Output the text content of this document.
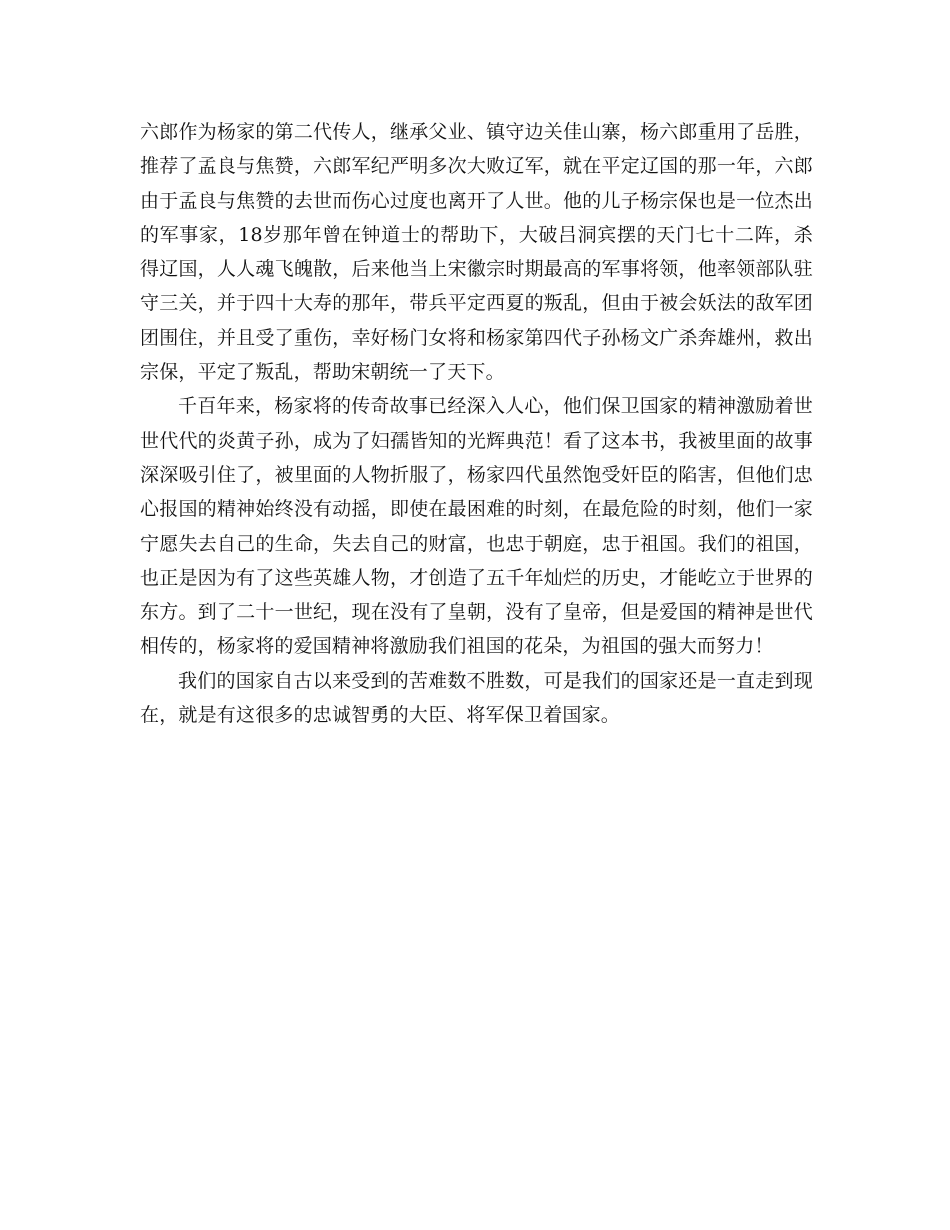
六郎作为杨家的第二代传人，继承父业、镇守边关佳山寨，杨六郎重用了岳胜，推荐了孟良与焦赞，六郎军纪严明多次大败辽军，就在平定辽国的那一年，六郎由于孟良与焦赞的去世而伤心过度也离开了人世。他的儿子杨宗保也是一位杰出的军事家，18岁那年曾在钟道士的帮助下，大破吕洞宾摆的天门七十二阵，杀得辽国，人人魂飞魄散，后来他当上宋徽宗时期最高的军事将领，他率领部队驻守三关，并于四十大寿的那年，带兵平定西夏的叛乱，但由于被会妖法的敌军团团围住，并且受了重伤，幸好杨门女将和杨家第四代子孙杨文广杀奔雄州，救出宗保，平定了叛乱，帮助宋朝统一了天下。

千百年来，杨家将的传奇故事已经深入人心，他们保卫国家的精神激励着世世代代的炎黄子孙，成为了妇孺皆知的光辉典范！看了这本书，我被里面的故事深深吸引住了，被里面的人物折服了，杨家四代虽然饱受奸臣的陷害，但他们忠心报国的精神始终没有动摇，即使在最困难的时刻，在最危险的时刻，他们一家宁愿失去自己的生命，失去自己的财富，也忠于朝庭，忠于祖国。我们的祖国，也正是因为有了这些英雄人物，才创造了五千年灿烂的历史，才能屹立于世界的东方。到了二十一世纪，现在没有了皇朝，没有了皇帝，但是爱国的精神是世代相传的，杨家将的爱国精神将激励我们祖国的花朵，为祖国的强大而努力！

我们的国家自古以来受到的苦难数不胜数，可是我们的国家还是一直走到现在，就是有这很多的忠诚智勇的大臣、将军保卫着国家。
